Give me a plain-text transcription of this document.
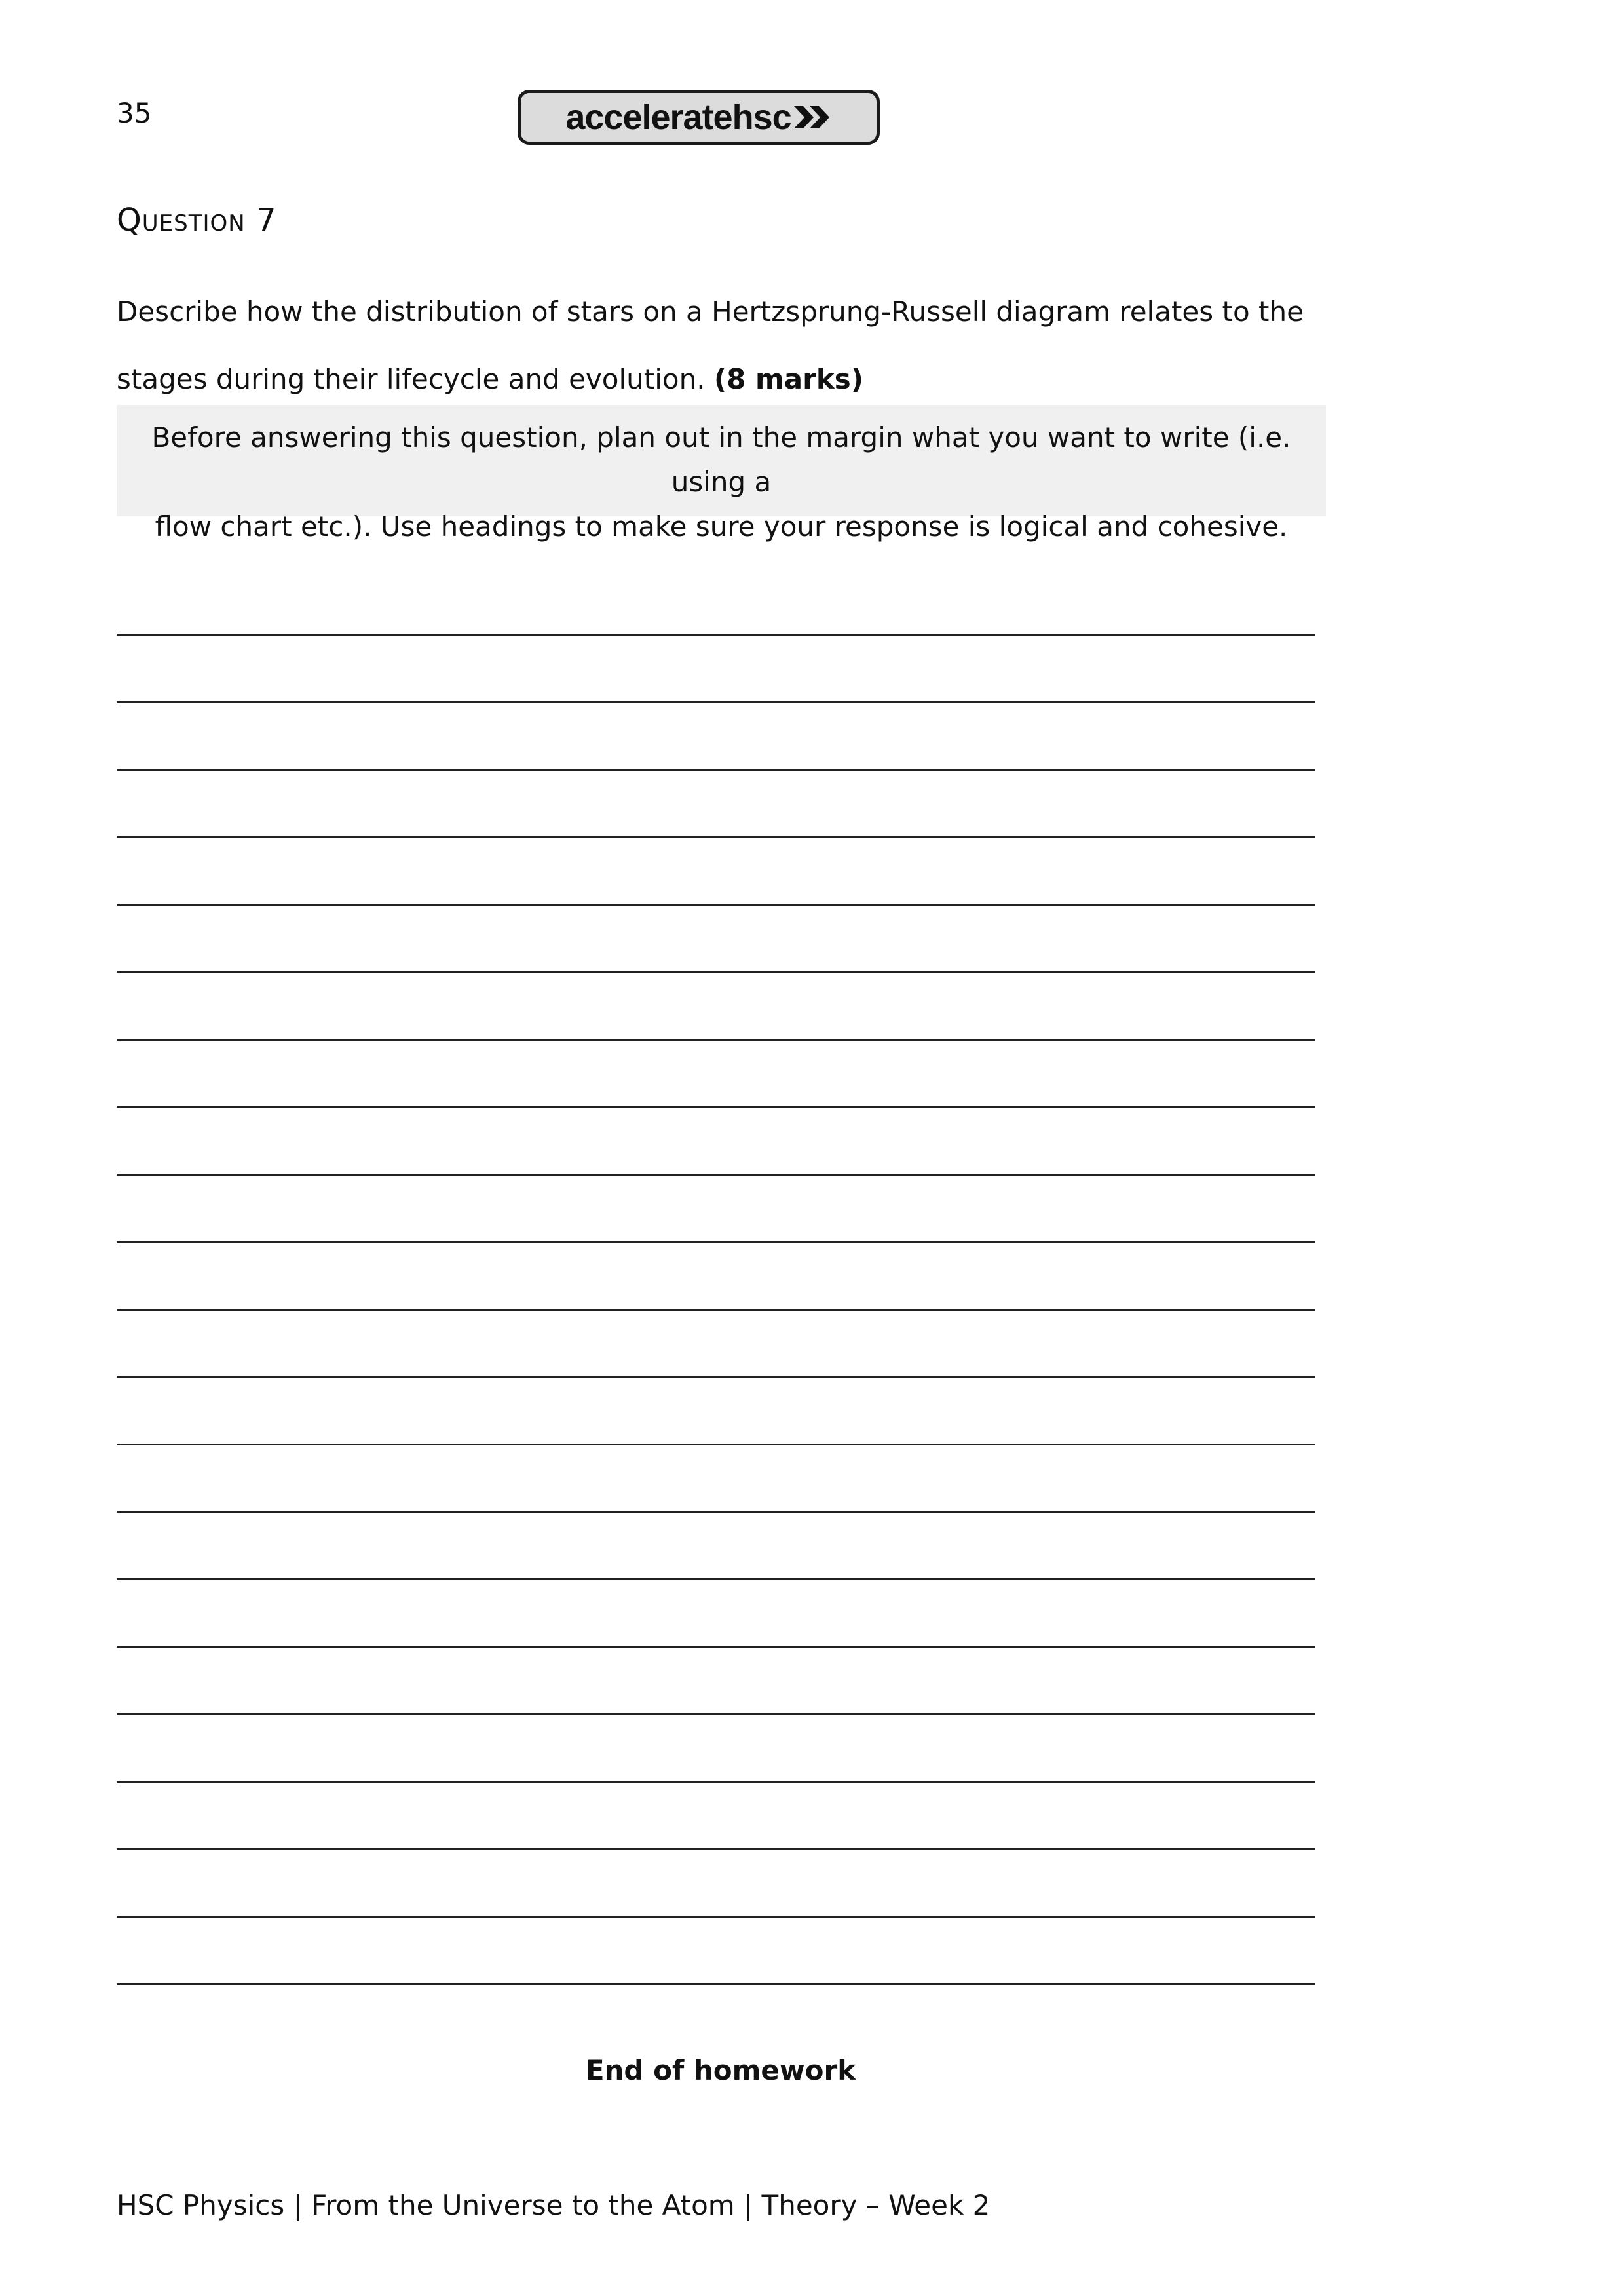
35	acceleratehsc
Question 7
Describe how the distribution of stars on a Hertzsprung-Russell diagram relates to the stages during their lifecycle and evolution. (8 marks)
Before answering this question, plan out in the margin what you want to write (i.e. using a
flow chart etc.). Use headings to make sure your response is logical and cohesive.
End of homework
HSC Physics | From the Universe to the Atom | Theory – Week 2
